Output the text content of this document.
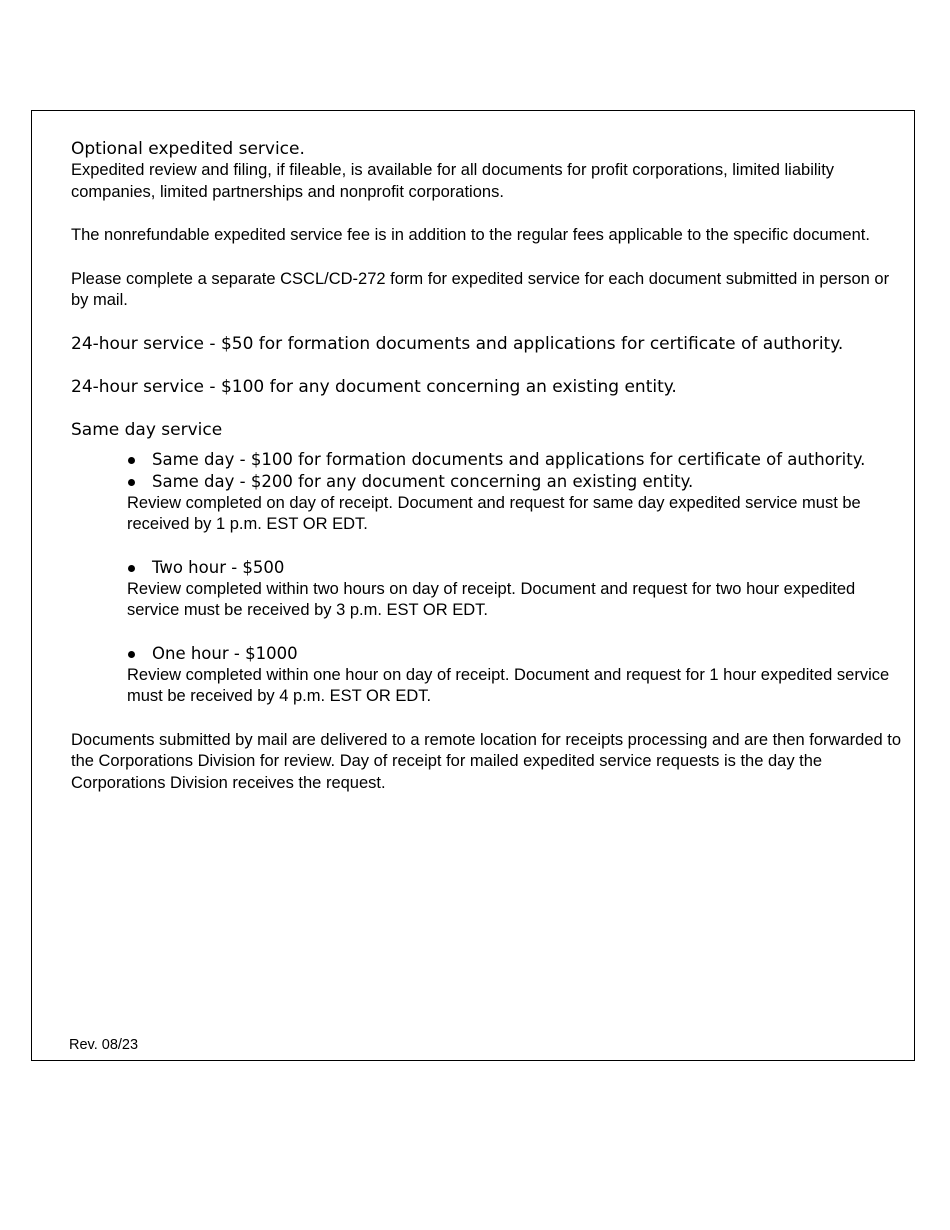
Optional expedited service.

Expedited review and filing, if fileable, is available for all documents for profit corporations, limited liability companies, limited partnerships and nonprofit corporations.

The nonrefundable expedited service fee is in addition to the regular fees applicable to the specific document.

Please complete a separate CSCL/CD-272 form for expedited service for each document submitted in person or by mail.

24-hour service - $50 for formation documents and applications for certificate of authority.

24-hour service - $100 for any document concerning an existing entity.

Same day service

Same day - $100 for formation documents and applications for certificate of authority.
Same day - $200 for any document concerning an existing entity.

Review completed on day of receipt. Document and request for same day expedited service must be received by 1 p.m. EST OR EDT.

Two hour - $500

Review completed within two hours on day of receipt. Document and request for two hour expedited service must be received by 3 p.m. EST OR EDT.

One hour - $1000

Review completed within one hour on day of receipt. Document and request for 1 hour expedited service must be received by 4 p.m. EST OR EDT.

Documents submitted by mail are delivered to a remote location for receipts processing and are then forwarded to the Corporations Division for review. Day of receipt for mailed expedited service requests is the day the Corporations Division receives the request.

Rev. 08/23
